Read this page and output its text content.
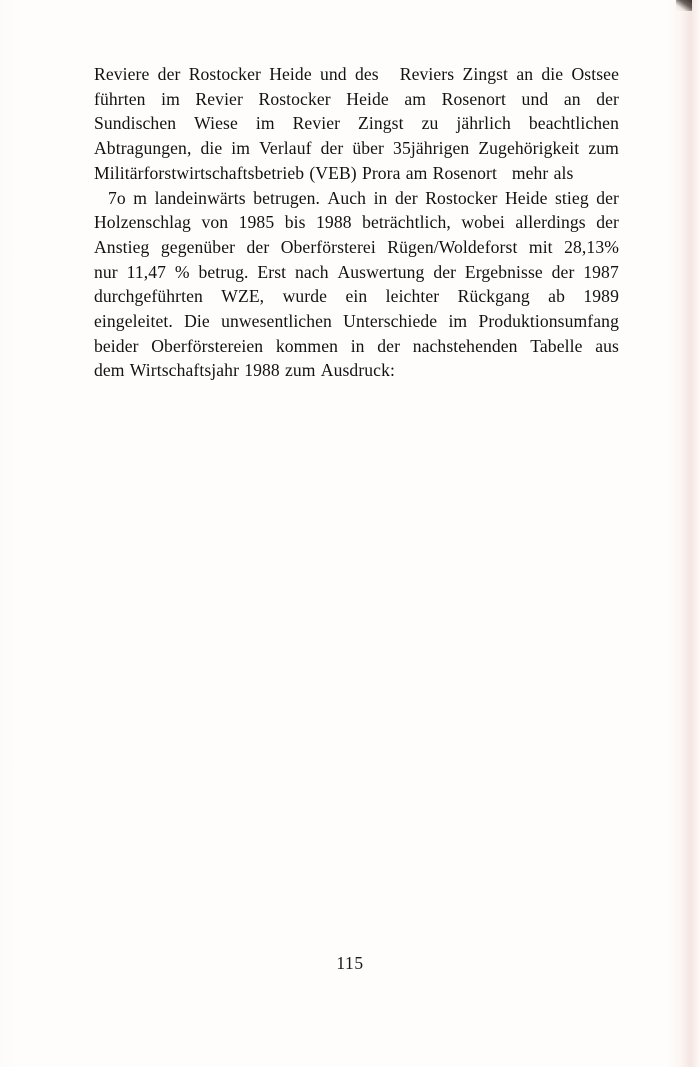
Reviere der Rostocker Heide und des
Reviers Zingst an die Ostsee
führten im Revier Rostocker Heide am Rosenort und an der
Sundischen Wiese im Revier Zingst zu jährlich beachtlichen
Abtragungen, die im Verlauf der über 35jährigen Zugehörigkeit zum
Militärforstwirtschaftsbetrieb (VEB) Prora am Rosenort
mehr als
7o m landeinwärts betrugen. Auch in der Rostocker Heide stieg der
Holzenschlag von 1985 bis 1988 beträchtlich, wobei allerdings der
Anstieg gegenüber der Oberförsterei Rügen/Woldeforst mit 28,13%
nur 11,47 % betrug. Erst nach Auswertung der Ergebnisse der 1987
durchgeführten WZE, wurde ein leichter Rückgang ab 1989
eingeleitet. Die unwesentlichen Unterschiede im Produktionsumfang
beider Oberförstereien kommen in der nachstehenden Tabelle aus
dem Wirtschaftsjahr 1988 zum Ausdruck:
115
